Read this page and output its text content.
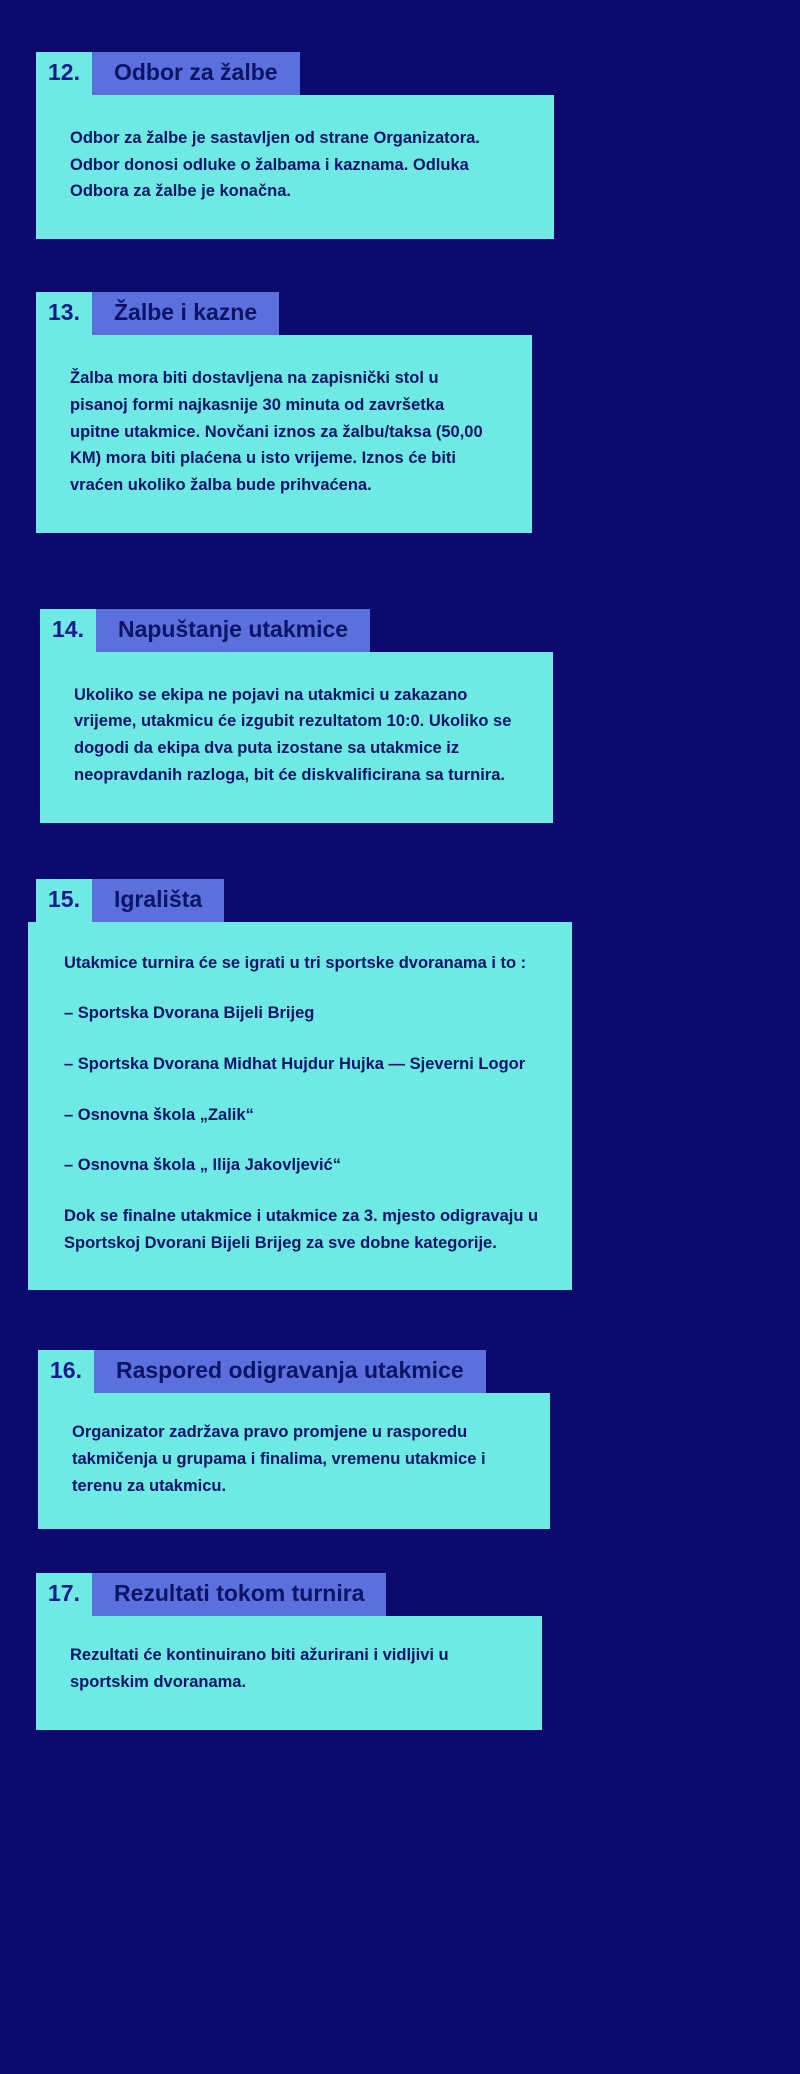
12.	Odbor za žalbe

Odbor za žalbe je sastavljen od strane Organizatora. Odbor donosi odluke o žalbama i kaznama. Odluka Odbora za žalbe je konačna.

13.	Žalbe i kazne

Žalba mora biti dostavljena na zapisnički stol u pisanoj formi najkasnije 30 minuta od završetka upitne utakmice. Novčani iznos za žalbu/taksa (50,00 KM) mora biti plaćena u isto vrijeme. Iznos će biti vraćen ukoliko žalba bude prihvaćena.

14.	Napuštanje utakmice

Ukoliko se ekipa ne pojavi na utakmici u zakazano vrijeme, utakmicu će izgubit rezultatom 10:0. Ukoliko se dogodi da ekipa dva puta izostane sa utakmice iz neopravdanih razloga, bit će diskvalificirana sa turnira.

15.	Igrališta

Utakmice turnira će se igrati u tri sportske dvoranama i to :

– Sportska Dvorana Bijeli Brijeg

– Sportska Dvorana Midhat Hujdur Hujka — Sjeverni Logor

– Osnovna škola „Zalik“

– Osnovna škola „ Ilija Jakovljević“

Dok se finalne utakmice i utakmice za 3. mjesto odigravaju u Sportskoj Dvorani Bijeli Brijeg za sve dobne kategorije.

16.	Raspored odigravanja utakmice

Organizator zadržava pravo promjene u rasporedu takmičenja u grupama i finalima, vremenu utakmice i terenu za utakmicu.

17.	Rezultati tokom turnira

Rezultati će kontinuirano biti ažurirani i vidljivi u sportskim dvoranama.
